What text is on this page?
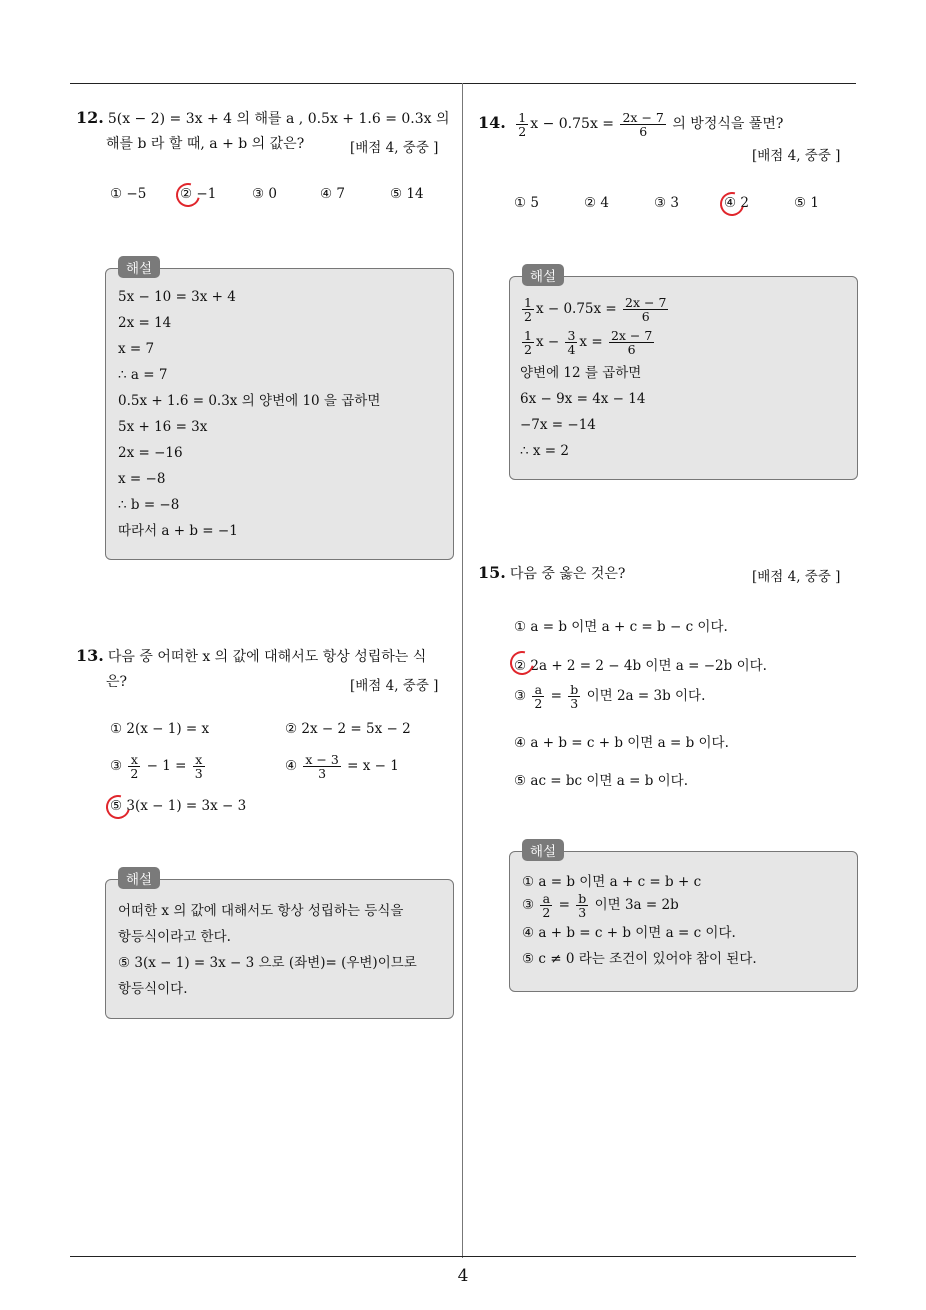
4
12. 5(x − 2) = 3x + 4 의 해를 a , 0.5x + 1.6 = 0.3x 의
해를 b 라 할 때, a + b 의 값은?	[배점 4, 중중 ]
① −5 ② −1	③ 0	④ 7	⑤ 14
해설
5x − 10 = 3x + 4
2x = 14
x = 7
∴ a = 7
0.5x + 1.6 = 0.3x 의 양변에 10 을 곱하면
5x + 16 = 3x
2x = −16
x = −8
∴ b = −8
따라서 a + b = −1
13. 다음 중 어떠한 x 의 값에 대해서도 항상 성립하는 식
은?	[배점 4, 중중 ]
① 2(x − 1) = x	② 2x − 2 = 5x − 2
③ $\frac{x}{2} - 1 = \frac{x}{3}$	④ $\frac{x - 3}{3} = x - 1$
⑤ 3(x − 1) = 3x − 3
해설
어떠한 x 의 값에 대해서도 항상 성립하는 등식을
항등식이라고 한다.
⑤ 3(x − 1) = 3x − 3 으로 (좌변)= (우변)이므로
항등식이다.
14. $\frac{1}{2}$ $x - 0.75x = \frac{2x - 7}{6}$ 의 방정식을 풀면?
[배점 4, 중중 ]
① 5	② 4	③ 3	④ 2	⑤ 1
해설
$\frac{1}{2}$ $x - 0.75x = \frac{2x - 7}{6}$
$\frac{1}{2}$ $x - \frac{3}{4}$ $x = \frac{2x - 7}{6}$
양변에 12 를 곱하면
6x − 9x = 4x − 14
−7x = −14
∴ x = 2
15. 다음 중 옳은 것은?	[배점 4, 중중 ]
① a = b 이면 a + c = b − c 이다.
② 2a + 2 = 2 − 4b 이면 a = −2b 이다.
③ $\frac{a}{2} = \frac{b}{3}$ 이면 2a = 3b 이다.
④ a + b = c + b 이면 a = b 이다.
⑤ ac = bc 이면 a = b 이다.
해설
① a = b 이면 a + c = b + c
③ $\frac{a}{2} = \frac{b}{3}$ 이면 3a = 2b
④ a + b = c + b 이면 a = c 이다.
⑤ c ≠ 0 라는 조건이 있어야 참이 된다.
